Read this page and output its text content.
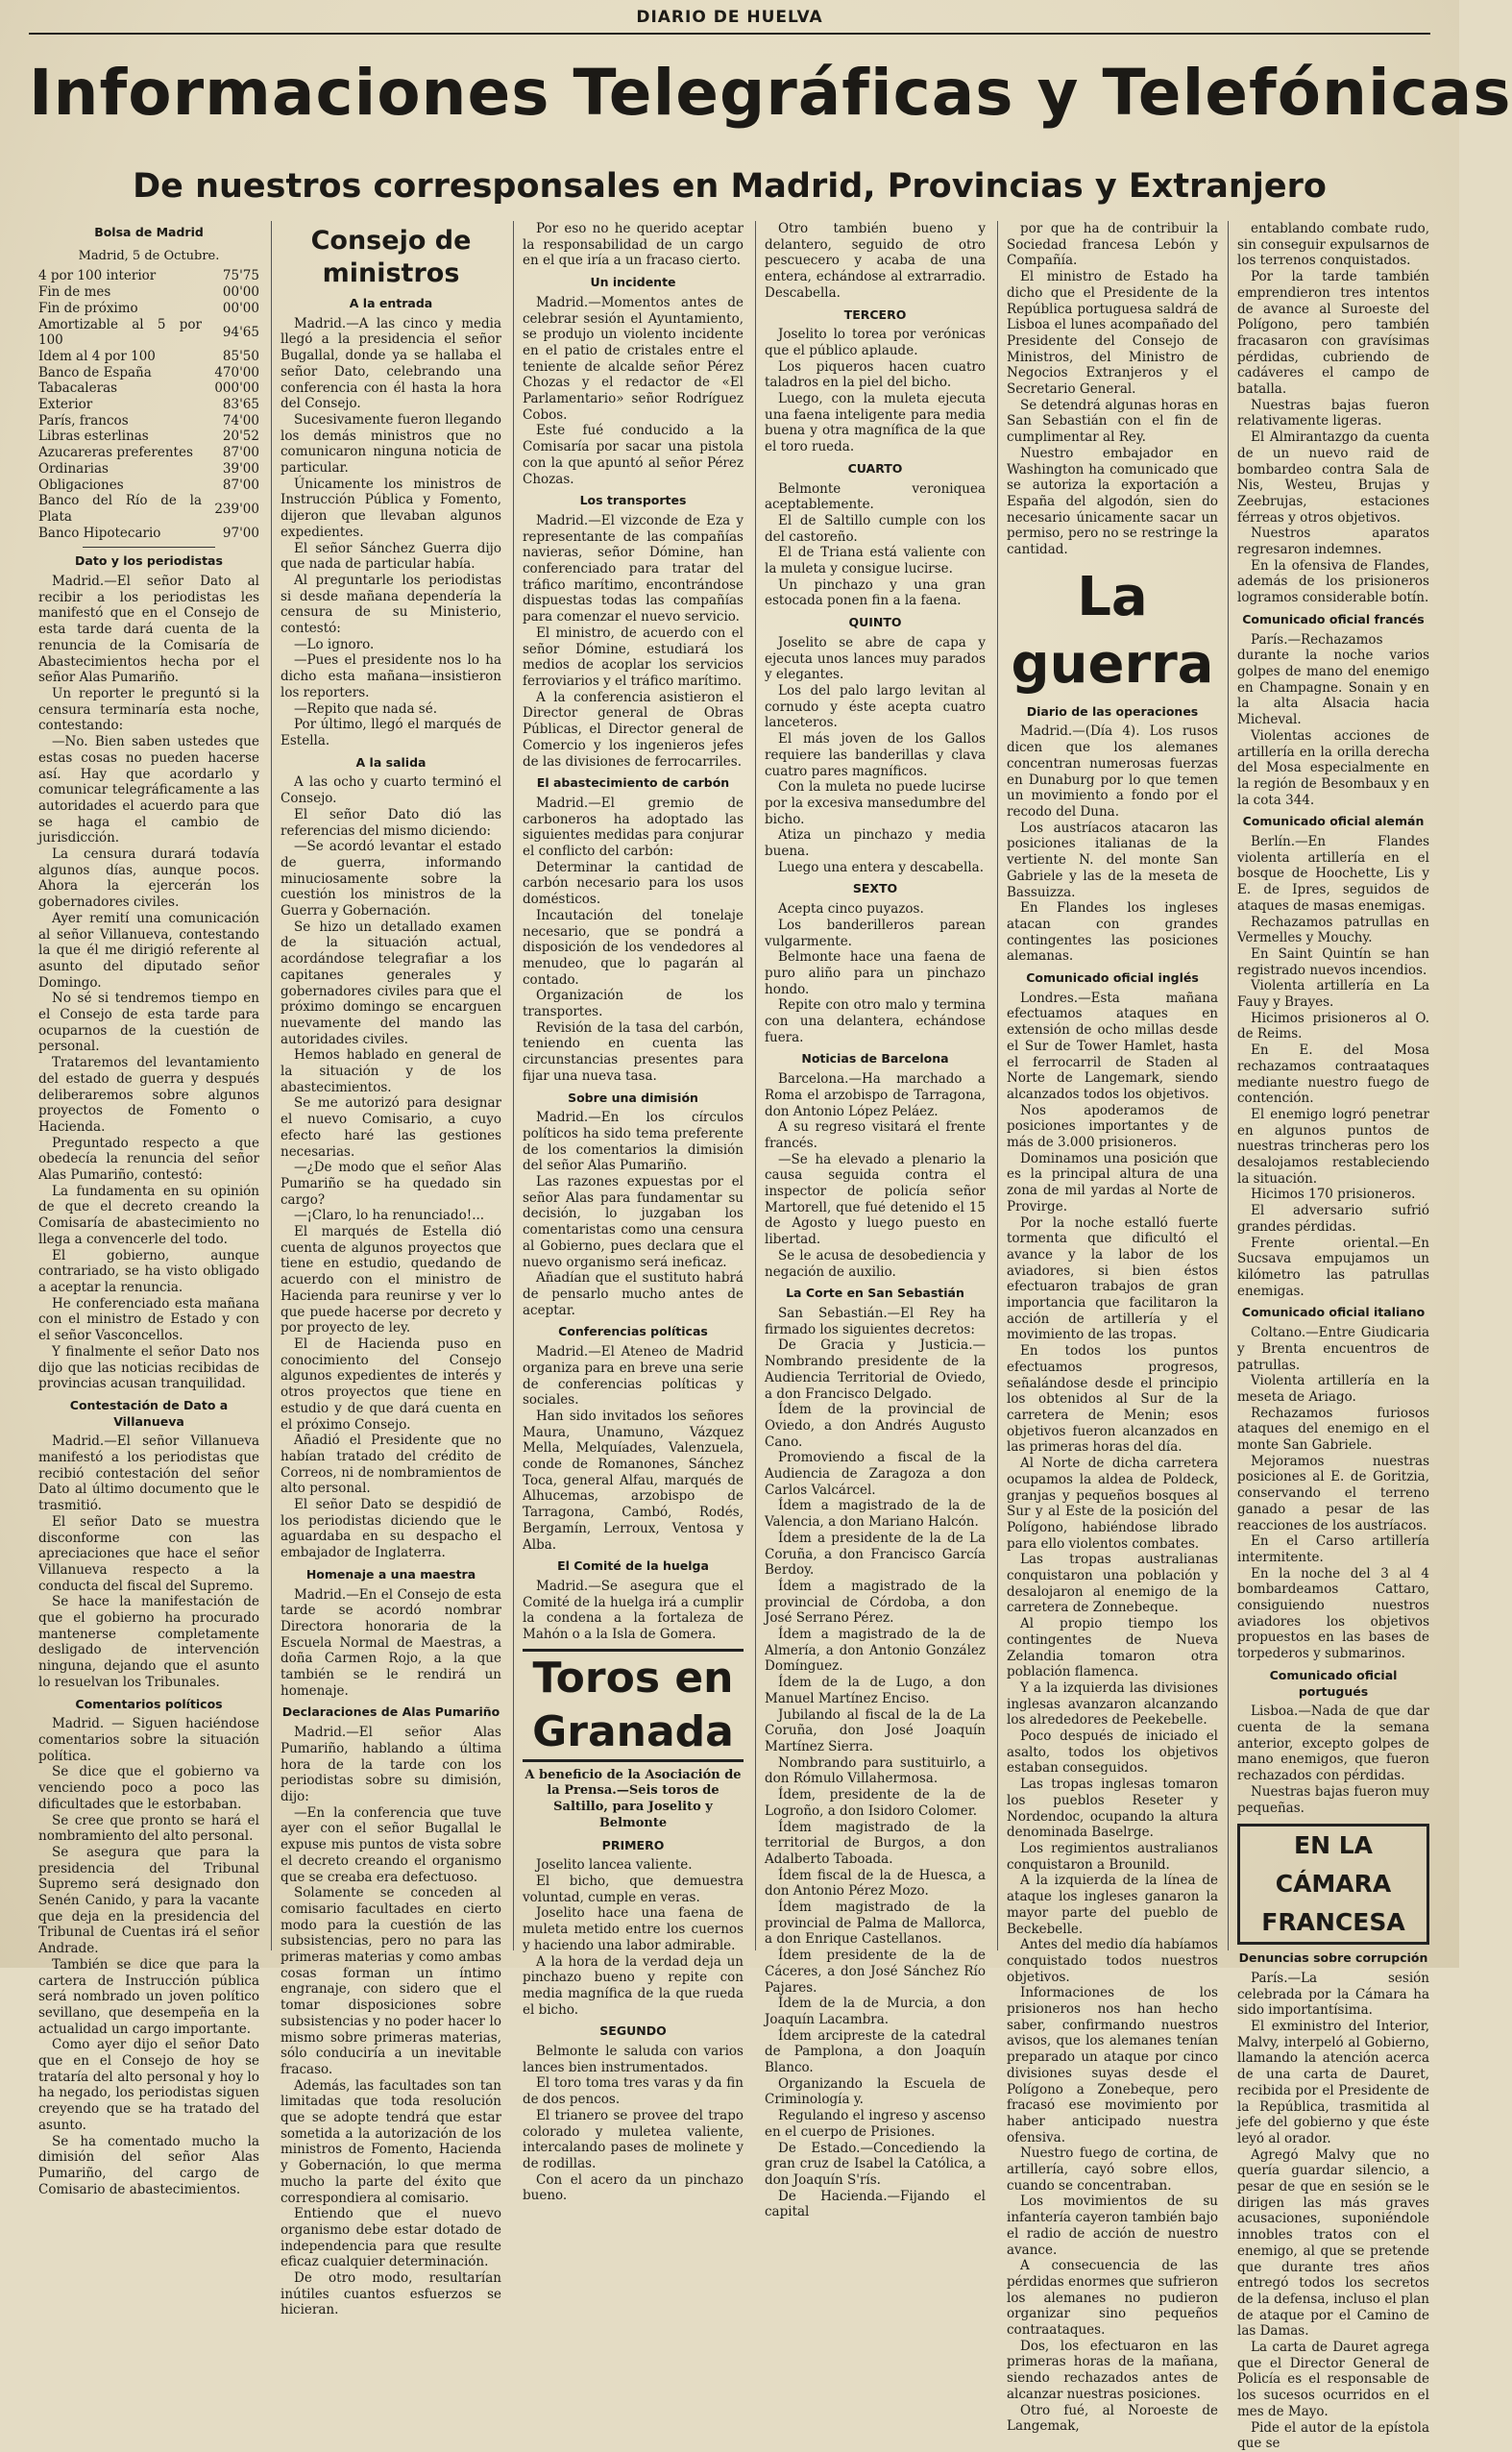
DIARIO DE HUELVA
Informaciones Telegráficas y Telefónicas
De nuestros corresponsales en Madrid, Provincias y Extranjero
Bolsa de Madrid
Madrid, 5 de Octubre.
4 por 100 interior	75'75
Fin de mes	00'00
Fin de próximo	00'00
Amortizable al 5 por 100	94'65
Idem al 4 por 100	85'50
Banco de España	470'00
Tabacaleras	000'00
Exterior	83'65
París, francos	74'00
Libras esterlinas	20'52
Azucareras preferentes	87'00
Ordinarias	39'00
Obligaciones	87'00
Banco del Río de la Plata	239'00
Banco Hipotecario	97'00
Dato y los periodistas

Madrid.—El señor Dato al recibir a los periodistas les manifestó que en el Consejo de esta tarde dará cuenta de la renuncia de la Comisaría de Abastecimientos hecha por el señor Alas Pumariño.

Un reporter le preguntó si la censura terminaría esta noche, contestando:

—No. Bien saben ustedes que estas cosas no pueden hacerse así. Hay que acordarlo y comunicar telegráficamente a las autoridades el acuerdo para que se haga el cambio de jurisdicción.

La censura durará todavía algunos días, aunque pocos. Ahora la ejercerán los gobernadores civiles.

Ayer remití una comunicación al señor Villanueva, contestando la que él me dirigió referente al asunto del diputado señor Domingo.

No sé si tendremos tiempo en el Consejo de esta tarde para ocuparnos de la cuestión de personal.

Trataremos del levantamiento del estado de guerra y después deliberaremos sobre algunos proyectos de Fomento o Hacienda.

Preguntado respecto a que obedecía la renuncia del señor Alas Pumariño, contestó:

La fundamenta en su opinión de que el decreto creando la Comisaría de abastecimiento no llega a convencerle del todo.

El gobierno, aunque contrariado, se ha visto obligado a aceptar la renuncia.

He conferenciado esta mañana con el ministro de Estado y con el señor Vasconcellos.

Y finalmente el señor Dato nos dijo que las noticias recibidas de provincias acusan tranquilidad.

Contestación de Dato a Villanueva

Madrid.—El señor Villanueva manifestó a los periodistas que recibió contestación del señor Dato al último documento que le trasmitió.

El señor Dato se muestra disconforme con las apreciaciones que hace el señor Villanueva respecto a la conducta del fiscal del Supremo.

Se hace la manifestación de que el gobierno ha procurado mantenerse completamente desligado de intervención ninguna, dejando que el asunto lo resuelvan los Tribunales.

Comentarios políticos

Madrid. — Siguen haciéndose comentarios sobre la situación política.

Se dice que el gobierno va venciendo poco a poco las dificultades que le estorbaban.

Se cree que pronto se hará el nombramiento del alto personal.

Se asegura que para la presidencia del Tribunal Supremo será designado don Senén Canido, y para la vacante que deja en la presidencia del Tribunal de Cuentas irá el señor Andrade.

También se dice que para la cartera de Instrucción pública será nombrado un joven político sevillano, que desempeña en la actualidad un cargo importante.

Como ayer dijo el señor Dato que en el Consejo de hoy se trataría del alto personal y hoy lo ha negado, los periodistas siguen creyendo que se ha tratado del asunto.

Se ha comentado mucho la dimisión del señor Alas Pumariño, del cargo de Comisario de abastecimientos.

Consejo de ministros
A la entrada

Madrid.—A las cinco y media llegó a la presidencia el señor Bugallal, donde ya se hallaba el señor Dato, celebrando una conferencia con él hasta la hora del Consejo.

Sucesivamente fueron llegando los demás ministros que no comunicaron ninguna noticia de particular.

Únicamente los ministros de Instrucción Pública y Fomento, dijeron que llevaban algunos expedientes.

El señor Sánchez Guerra dijo que nada de particular había.

Al preguntarle los periodistas si desde mañana dependería la censura de su Ministerio, contestó:

—Lo ignoro.

—Pues el presidente nos lo ha dicho esta mañana—insistieron los reporters.

—Repito que nada sé.

Por último, llegó el marqués de Estella.

A la salida

A las ocho y cuarto terminó el Consejo.

El señor Dato dió las referencias del mismo diciendo:

—Se acordó levantar el estado de guerra, informando minuciosamente sobre la cuestión los ministros de la Guerra y Gobernación.

Se hizo un detallado examen de la situación actual, acordándose telegrafiar a los capitanes generales y gobernadores civiles para que el próximo domingo se encarguen nuevamente del mando las autoridades civiles.

Hemos hablado en general de la situación y de los abastecimientos.

Se me autorizó para designar el nuevo Comisario, a cuyo efecto haré las gestiones necesarias.

—¿De modo que el señor Alas Pumariño se ha quedado sin cargo?

—¡Claro, lo ha renunciado!...

El marqués de Estella dió cuenta de algunos proyectos que tiene en estudio, quedando de acuerdo con el ministro de Hacienda para reunirse y ver lo que puede hacerse por decreto y por proyecto de ley.

El de Hacienda puso en conocimiento del Consejo algunos expedientes de interés y otros proyectos que tiene en estudio y de que dará cuenta en el próximo Consejo.

Añadió el Presidente que no habían tratado del crédito de Correos, ni de nombramientos de alto personal.

El señor Dato se despidió de los periodistas diciendo que le aguardaba en su despacho el embajador de Inglaterra.

Homenaje a una maestra

Madrid.—En el Consejo de esta tarde se acordó nombrar Directora honoraria de la Escuela Normal de Maestras, a doña Carmen Rojo, a la que también se le rendirá un homenaje.

Declaraciones de Alas Pumariño

Madrid.—El señor Alas Pumariño, hablando a última hora de la tarde con los periodistas sobre su dimisión, dijo:

—En la conferencia que tuve ayer con el señor Bugallal le expuse mis puntos de vista sobre el decreto creando el organismo que se creaba era defectuoso.

Solamente se conceden al comisario facultades en cierto modo para la cuestión de las subsistencias, pero no para las primeras materias y como ambas cosas forman un íntimo engranaje, con sidero que el tomar disposiciones sobre subsistencias y no poder hacer lo mismo sobre primeras materias, sólo conduciría a un inevitable fracaso.

Además, las facultades son tan limitadas que toda resolución que se adopte tendrá que estar sometida a la autorización de los ministros de Fomento, Hacienda y Gobernación, lo que merma mucho la parte del éxito que correspondiera al comisario.

Entiendo que el nuevo organismo debe estar dotado de independencia para que resulte eficaz cualquier determinación.

De otro modo, resultarían inútiles cuantos esfuerzos se hicieran.

Por eso no he querido aceptar la responsabilidad de un cargo en el que iría a un fracaso cierto.

Un incidente

Madrid.—Momentos antes de celebrar sesión el Ayuntamiento, se produjo un violento incidente en el patio de cristales entre el teniente de alcalde señor Pérez Chozas y el redactor de «El Parlamentario» señor Rodríguez Cobos.

Este fué conducido a la Comisaría por sacar una pistola con la que apuntó al señor Pérez Chozas.

Los transportes

Madrid.—El vizconde de Eza y representante de las compañías navieras, señor Dómine, han conferenciado para tratar del tráfico marítimo, encontrándose dispuestas todas las compañías para comenzar el nuevo servicio.

El ministro, de acuerdo con el señor Dómine, estudiará los medios de acoplar los servicios ferroviarios y el tráfico marítimo.

A la conferencia asistieron el Director general de Obras Públicas, el Director general de Comercio y los ingenieros jefes de las divisiones de ferrocarriles.

El abastecimiento de carbón

Madrid.—El gremio de carboneros ha adoptado las siguientes medidas para conjurar el conflicto del carbón:

Determinar la cantidad de carbón necesario para los usos domésticos.

Incautación del tonelaje necesario, que se pondrá a disposición de los vendedores al menudeo, que lo pagarán al contado.

Organización de los transportes.

Revisión de la tasa del carbón, teniendo en cuenta las circunstancias presentes para fijar una nueva tasa.

Sobre una dimisión

Madrid.—En los círculos políticos ha sido tema preferente de los comentarios la dimisión del señor Alas Pumariño.

Las razones expuestas por el señor Alas para fundamentar su decisión, lo juzgaban los comentaristas como una censura al Gobierno, pues declara que el nuevo organismo será ineficaz.

Añadían que el sustituto habrá de pensarlo mucho antes de aceptar.

Conferencias políticas

Madrid.—El Ateneo de Madrid organiza para en breve una serie de conferencias políticas y sociales.

Han sido invitados los señores Maura, Unamuno, Vázquez Mella, Melquíades, Valenzuela, conde de Romanones, Sánchez Toca, general Alfau, marqués de Alhucemas, arzobispo de Tarragona, Cambó, Rodés, Bergamín, Lerroux, Ventosa y Alba.

El Comité de la huelga

Madrid.—Se asegura que el Comité de la huelga irá a cumplir la condena a la fortaleza de Mahón o a la Isla de Gomera.

Toros en Granada
A beneficio de la Asociación de la Prensa.—Seis toros de Saltillo, para Joselito y Belmonte
PRIMERO

Joselito lancea valiente.

El bicho, que demuestra voluntad, cumple en veras.

Joselito hace una faena de muleta metido entre los cuernos y haciendo una labor admirable.

A la hora de la verdad deja un pinchazo bueno y repite con media magnífica de la que rueda el bicho.

SEGUNDO

Belmonte le saluda con varios lances bien instrumentados.

El toro toma tres varas y da fin de dos pencos.

El trianero se provee del trapo colorado y muletea valiente, intercalando pases de molinete y de rodillas.

Con el acero da un pinchazo bueno.

Otro también bueno y delantero, seguido de otro pescuecero y acaba de una entera, echándose al extrarradio. Descabella.

TERCERO

Joselito lo torea por verónicas que el público aplaude.

Los piqueros hacen cuatro taladros en la piel del bicho.

Luego, con la muleta ejecuta una faena inteligente para media buena y otra magnífica de la que el toro rueda.

CUARTO

Belmonte veroniquea aceptablemente.

El de Saltillo cumple con los del castoreño.

El de Triana está valiente con la muleta y consigue lucirse.

Un pinchazo y una gran estocada ponen fin a la faena.

QUINTO

Joselito se abre de capa y ejecuta unos lances muy parados y elegantes.

Los del palo largo levitan al cornudo y éste acepta cuatro lanceteros.

El más joven de los Gallos requiere las banderillas y clava cuatro pares magníficos.

Con la muleta no puede lucirse por la excesiva mansedumbre del bicho.

Atiza un pinchazo y media buena.

Luego una entera y descabella.

SEXTO

Acepta cinco puyazos.

Los banderilleros parean vulgarmente.

Belmonte hace una faena de puro aliño para un pinchazo hondo.

Repite con otro malo y termina con una delantera, echándose fuera.

Noticias de Barcelona

Barcelona.—Ha marchado a Roma el arzobispo de Tarragona, don Antonio López Peláez.

A su regreso visitará el frente francés.

—Se ha elevado a plenario la causa seguida contra el inspector de policía señor Martorell, que fué detenido el 15 de Agosto y luego puesto en libertad.

Se le acusa de desobediencia y negación de auxilio.

La Corte en San Sebastián

San Sebastián.—El Rey ha firmado los siguientes decretos:

De Gracia y Justicia.—Nombrando presidente de la Audiencia Territorial de Oviedo, a don Francisco Delgado.

Ídem de la provincial de Oviedo, a don Andrés Augusto Cano.

Promoviendo a fiscal de la Audiencia de Zaragoza a don Carlos Valcárcel.

Ídem a magistrado de la de Valencia, a don Mariano Halcón.

Ídem a presidente de la de La Coruña, a don Francisco García Berdoy.

Ídem a magistrado de la provincial de Córdoba, a don José Serrano Pérez.

Ídem a magistrado de la de Almería, a don Antonio González Domínguez.

Ídem de la de Lugo, a don Manuel Martínez Enciso.

Jubilando al fiscal de la de La Coruña, don José Joaquín Martínez Sierra.

Nombrando para sustituirlo, a don Rómulo Villahermosa.

Ídem, presidente de la de Logroño, a don Isidoro Colomer.

Ídem magistrado de la territorial de Burgos, a don Adalberto Taboada.

Ídem fiscal de la de Huesca, a don Antonio Pérez Mozo.

Ídem magistrado de la provincial de Palma de Mallorca, a don Enrique Castellanos.

Ídem presidente de la de Cáceres, a don José Sánchez Río Pajares.

Ídem de la de Murcia, a don Joaquín Lacambra.

Ídem arcipreste de la catedral de Pamplona, a don Joaquín Blanco.

Organizando la Escuela de Criminología y.

Regulando el ingreso y ascenso en el cuerpo de Prisiones.

De Estado.—Concediendo la gran cruz de Isabel la Católica, a don Joaquín S'rís.

De Hacienda.—Fijando el capital

por que ha de contribuir la Sociedad francesa Lebón y Compañía.

El ministro de Estado ha dicho que el Presidente de la República portuguesa saldrá de Lisboa el lunes acompañado del Presidente del Consejo de Ministros, del Ministro de Negocios Extranjeros y el Secretario General.

Se detendrá algunas horas en San Sebastián con el fin de cumplimentar al Rey.

Nuestro embajador en Washington ha comunicado que se autoriza la exportación a España del algodón, sien do necesario únicamente sacar un permiso, pero no se restringe la cantidad.

La guerra
Diario de las operaciones

Madrid.—(Día 4). Los rusos dicen que los alemanes concentran numerosas fuerzas en Dunaburg por lo que temen un movimiento a fondo por el recodo del Duna.

Los austríacos atacaron las posiciones italianas de la vertiente N. del monte San Gabriele y las de la meseta de Bassuizza.

En Flandes los ingleses atacan con grandes contingentes las posiciones alemanas.

Comunicado oficial inglés

Londres.—Esta mañana efectuamos ataques en extensión de ocho millas desde el Sur de Tower Hamlet, hasta el ferrocarril de Staden al Norte de Langemark, siendo alcanzados todos los objetivos.

Nos apoderamos de posiciones importantes y de más de 3.000 prisioneros.

Dominamos una posición que es la principal altura de una zona de mil yardas al Norte de Provirge.

Por la noche estalló fuerte tormenta que dificultó el avance y la labor de los aviadores, si bien éstos efectuaron trabajos de gran importancia que facilitaron la acción de artillería y el movimiento de las tropas.

En todos los puntos efectuamos progresos, señalándose desde el principio los obtenidos al Sur de la carretera de Menin; esos objetivos fueron alcanzados en las primeras horas del día.

Al Norte de dicha carretera ocupamos la aldea de Poldeck, granjas y pequeños bosques al Sur y al Este de la posición del Polígono, habiéndose librado para ello violentos combates.

Las tropas australianas conquistaron una población y desalojaron al enemigo de la carretera de Zonnebeque.

Al propio tiempo los contingentes de Nueva Zelandia tomaron otra población flamenca.

Y a la izquierda las divisiones inglesas avanzaron alcanzando los alrededores de Peekebelle.

Poco después de iniciado el asalto, todos los objetivos estaban conseguidos.

Las tropas inglesas tomaron los pueblos Reseter y Nordendoc, ocupando la altura denominada Baselrge.

Los regimientos australianos conquistaron a Brounild.

A la izquierda de la línea de ataque los ingleses ganaron la mayor parte del pueblo de Beckebelle.

Antes del medio día habíamos conquistado todos nuestros objetivos.

Informaciones de los prisioneros nos han hecho saber, confirmando nuestros avisos, que los alemanes tenían preparado un ataque por cinco divisiones suyas desde el Polígono a Zonebeque, pero fracasó ese movimiento por haber anticipado nuestra ofensiva.

Nuestro fuego de cortina, de artillería, cayó sobre ellos, cuando se concentraban.

Los movimientos de su infantería cayeron también bajo el radio de acción de nuestro avance.

A consecuencia de las pérdidas enormes que sufrieron los alemanes no pudieron organizar sino pequeños contraataques.

Dos, los efectuaron en las primeras horas de la mañana, siendo rechazados antes de alcanzar nuestras posiciones.

Otro fué, al Noroeste de Langemak,

entablando combate rudo, sin conseguir expulsarnos de los terrenos conquistados.

Por la tarde también emprendieron tres intentos de avance al Suroeste del Polígono, pero también fracasaron con gravísimas pérdidas, cubriendo de cadáveres el campo de batalla.

Nuestras bajas fueron relativamente ligeras.

El Almirantazgo da cuenta de un nuevo raid de bombardeo contra Sala de Nis, Westeu, Brujas y Zeebrujas, estaciones férreas y otros objetivos.

Nuestros aparatos regresaron indemnes.

En la ofensiva de Flandes, además de los prisioneros logramos considerable botín.

Comunicado oficial francés

París.—Rechazamos durante la noche varios golpes de mano del enemigo en Champagne. Sonain y en la alta Alsacia hacia Micheval.

Violentas acciones de artillería en la orilla derecha del Mosa especialmente en la región de Besombaux y en la cota 344.

Comunicado oficial alemán

Berlín.—En Flandes violenta artillería en el bosque de Hoochette, Lis y E. de Ipres, seguidos de ataques de masas enemigas.

Rechazamos patrullas en Vermelles y Mouchy.

En Saint Quintín se han registrado nuevos incendios.

Violenta artillería en La Fauy y Brayes.

Hicimos prisioneros al O. de Reims.

En E. del Mosa rechazamos contraataques mediante nuestro fuego de contención.

El enemigo logró penetrar en algunos puntos de nuestras trincheras pero los desalojamos restableciendo la situación.

Hicimos 170 prisioneros.

El adversario sufrió grandes pérdidas.

Frente oriental.—En Sucsava empujamos un kilómetro las patrullas enemigas.

Comunicado oficial italiano

Coltano.—Entre Giudicaria y Brenta encuentros de patrullas.

Violenta artillería en la meseta de Ariago.

Rechazamos furiosos ataques del enemigo en el monte San Gabriele.

Mejoramos nuestras posiciones al E. de Goritzia, conservando el terreno ganado a pesar de las reacciones de los austríacos.

En el Carso artillería intermitente.

En la noche del 3 al 4 bombardeamos Cattaro, consiguiendo nuestros aviadores los objetivos propuestos en las bases de torpederos y submarinos.

Comunicado oficial portugués

Lisboa.—Nada de que dar cuenta de la semana anterior, excepto golpes de mano enemigos, que fueron rechazados con pérdidas.

Nuestras bajas fueron muy pequeñas.

EN LA CÁMARA FRANCESA
Denuncias sobre corrupción

París.—La sesión celebrada por la Cámara ha sido importantísima.

El exministro del Interior, Malvy, interpeló al Gobierno, llamando la atención acerca de una carta de Dauret, recibida por el Presidente de la República, trasmitida al jefe del gobierno y que éste leyó al orador.

Agregó Malvy que no quería guardar silencio, a pesar de que en sesión se le dirigen las más graves acusaciones, suponiéndole innobles tratos con el enemigo, al que se pretende que durante tres años entregó todos los secretos de la defensa, incluso el plan de ataque por el Camino de las Damas.

La carta de Dauret agrega que el Director General de Policía es el responsable de los sucesos ocurridos en el mes de Mayo.

Pide el autor de la epístola que se
